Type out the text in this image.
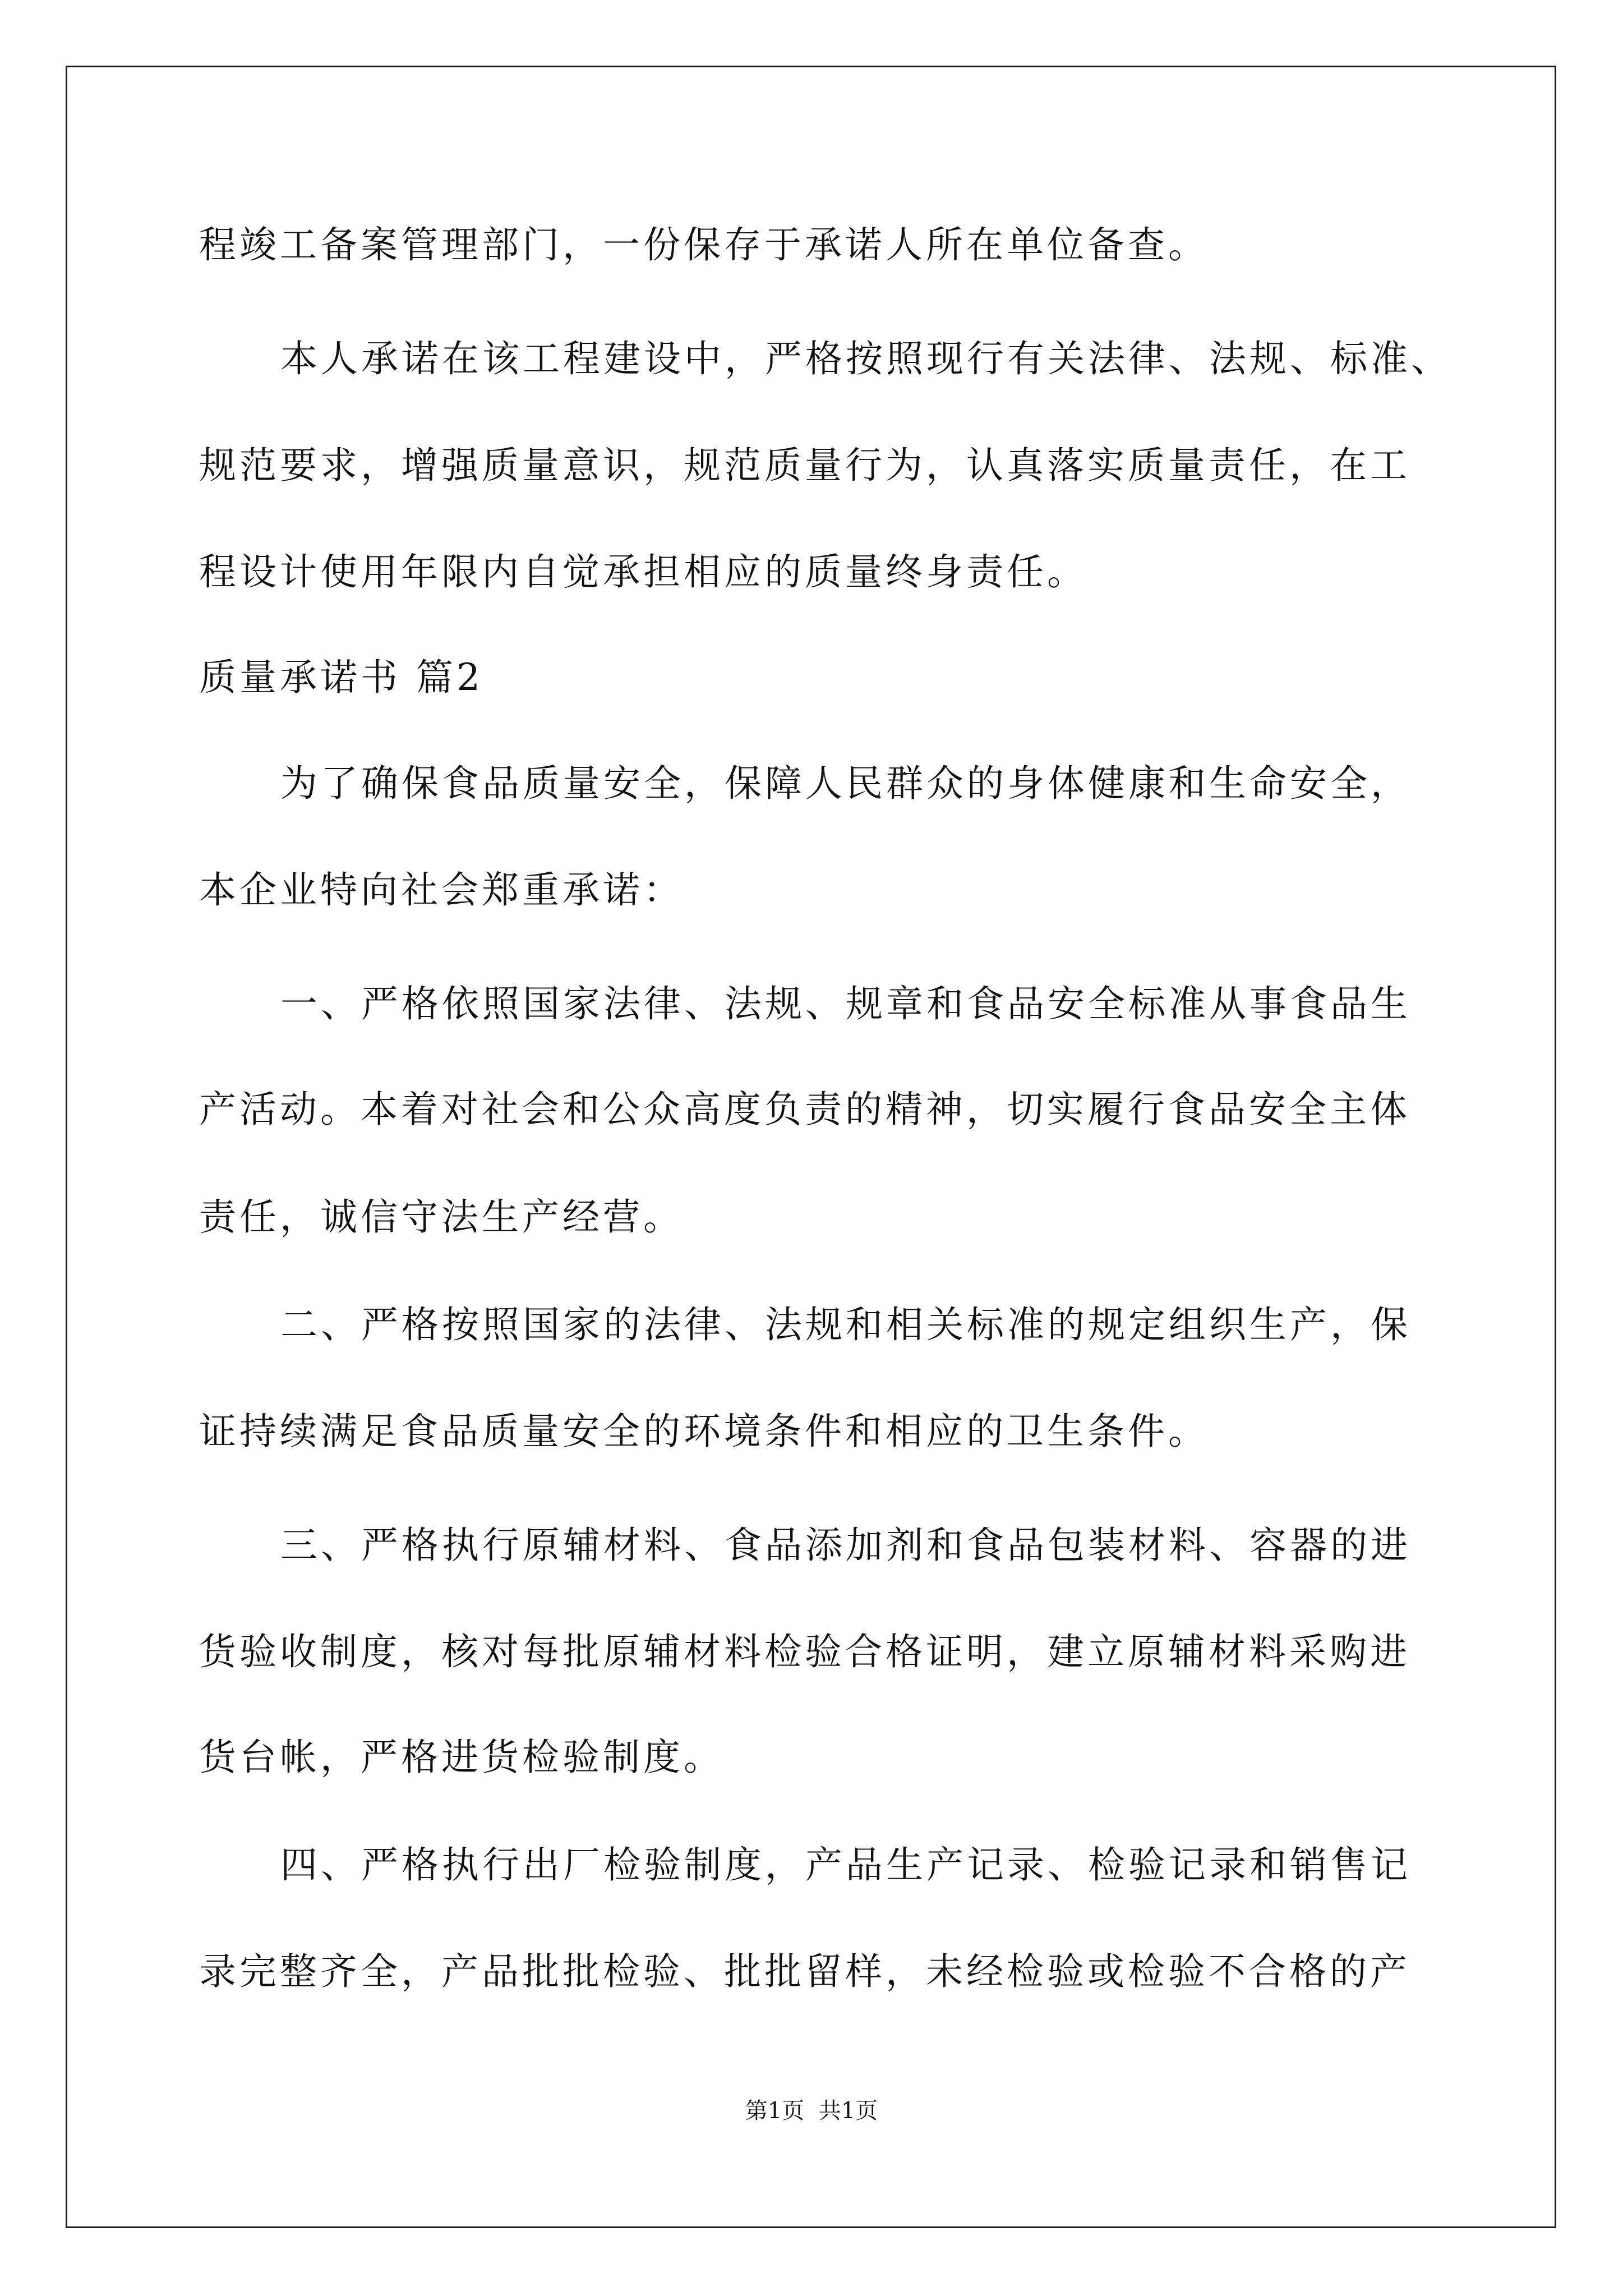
程竣工备案管理部门，一份保存于承诺人所在单位备查。

本人承诺在该工程建设中，严格按照现行有关法律、法规、标准、

规范要求，增强质量意识，规范质量行为，认真落实质量责任，在工

程设计使用年限内自觉承担相应的质量终身责任。

质量承诺书 篇2

为了确保食品质量安全，保障人民群众的身体健康和生命安全，

本企业特向社会郑重承诺：

一、严格依照国家法律、法规、规章和食品安全标准从事食品生

产活动。本着对社会和公众高度负责的精神，切实履行食品安全主体

责任，诚信守法生产经营。

二、严格按照国家的法律、法规和相关标准的规定组织生产，保

证持续满足食品质量安全的环境条件和相应的卫生条件。

三、严格执行原辅材料、食品添加剂和食品包装材料、容器的进

货验收制度，核对每批原辅材料检验合格证明，建立原辅材料采购进

货台帐，严格进货检验制度。

四、严格执行出厂检验制度，产品生产记录、检验记录和销售记

录完整齐全，产品批批检验、批批留样，未经检验或检验不合格的产

第1页  共1页
